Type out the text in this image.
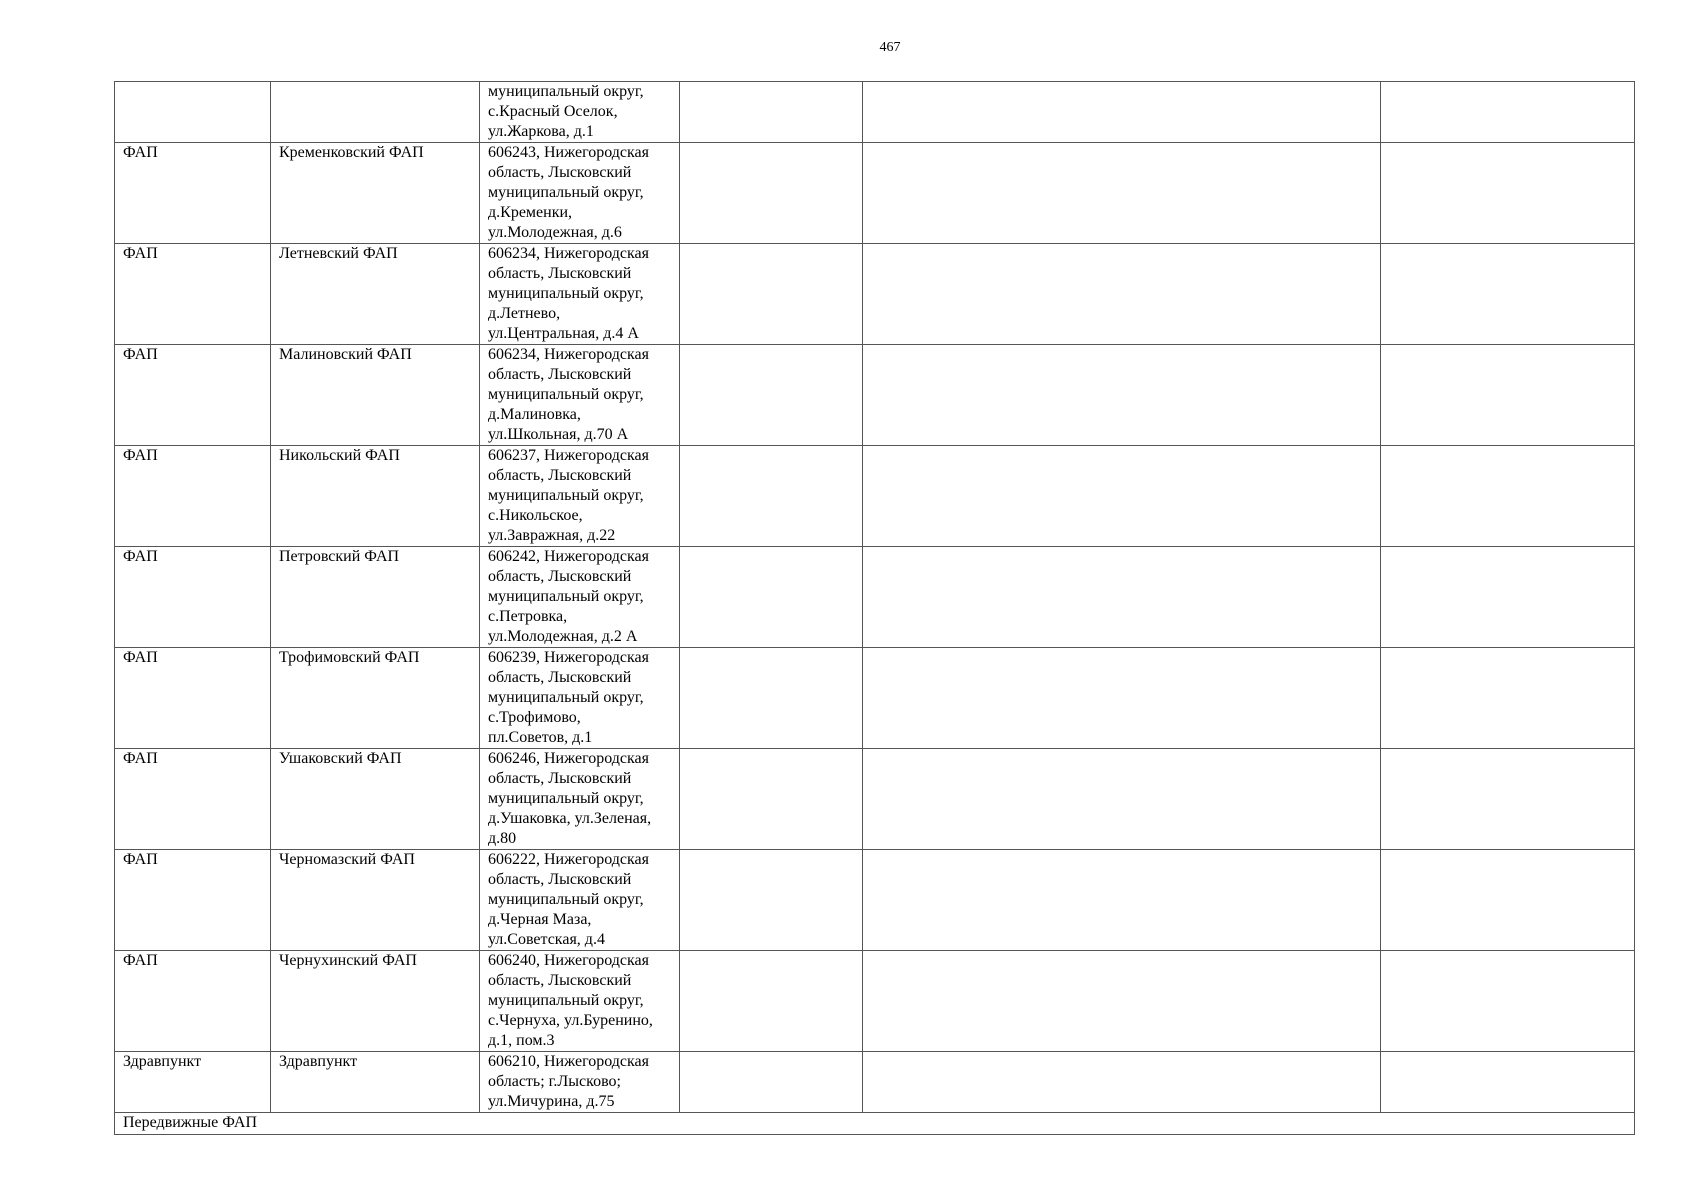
467

		муниципальный округ,
с.Красный Оселок,
ул.Жаркова, д.1			

ФАП	Кременковский ФАП	606243, Нижегородская
область, Лысковский
муниципальный округ,
д.Кременки,
ул.Молодежная, д.6			

ФАП	Летневский ФАП	606234, Нижегородская
область, Лысковский
муниципальный округ,
д.Летнево,
ул.Центральная, д.4 А			

ФАП	Малиновский ФАП	606234, Нижегородская
область, Лысковский
муниципальный округ,
д.Малиновка,
ул.Школьная, д.70 А			

ФАП	Никольский ФАП	606237, Нижегородская
область, Лысковский
муниципальный округ,
с.Никольское,
ул.Завражная, д.22			

ФАП	Петровский ФАП	606242, Нижегородская
область, Лысковский
муниципальный округ,
с.Петровка,
ул.Молодежная, д.2 А			

ФАП	Трофимовский ФАП	606239, Нижегородская
область, Лысковский
муниципальный округ,
с.Трофимово,
пл.Советов, д.1			

ФАП	Ушаковский ФАП	606246, Нижегородская
область, Лысковский
муниципальный округ,
д.Ушаковка, ул.Зеленая,
д.80			

ФАП	Черномазский ФАП	606222, Нижегородская
область, Лысковский
муниципальный округ,
д.Черная Маза,
ул.Советская, д.4			

ФАП	Чернухинский ФАП	606240, Нижегородская
область, Лысковский
муниципальный округ,
с.Чернуха, ул.Буренино,
д.1, пом.3			

Здравпункт	Здравпункт	606210, Нижегородская
область; г.Лысково;
ул.Мичурина, д.75			

Передвижные ФАП					
